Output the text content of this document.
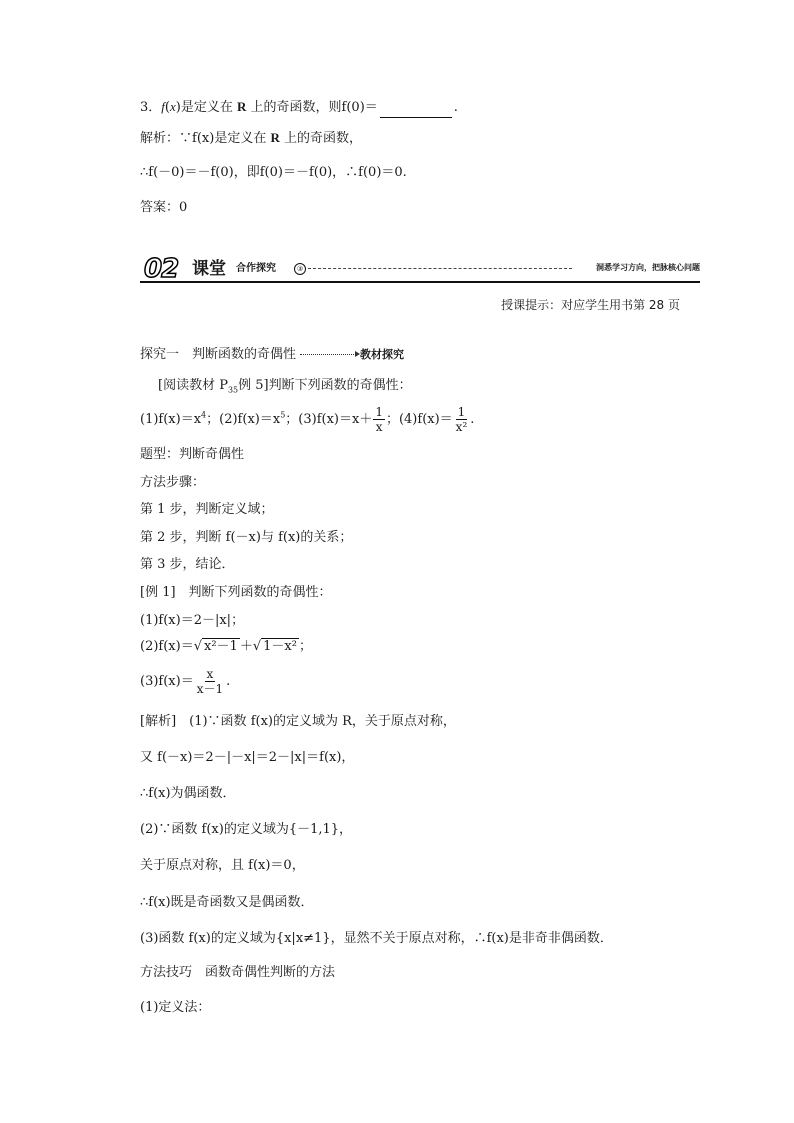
3．f(x)是定义在 R 上的奇函数，则f(0)＝	.
解析：∵f(x)是定义在 R 上的奇函数，
∴f(－0)＝－f(0)，即f(0)＝－f(0)，∴f(0)＝0.
答案：0
02 课堂 合作探究	③	洞悉学习方向，把脉核心问题
授课提示：对应学生用书第 28 页
探究一　判断函数的奇偶性	教材探究
[阅读教材 $P_{35}$例 5]判断下列函数的奇偶性：
$(1)f(x)=x^4$；$(2)f(x)=x^5$；$(3)f(x)=x+ \frac{1}{x}$ ；$(4)f(x)= \frac{1}{\text{x²}}$ .
题型：判断奇偶性
方法步骤：
第 1 步，判断定义域；
第 2 步，判断 f(－x)与 f(x)的关系；
第 3 步，结论．
[例 1]　判断下列函数的奇偶性：
(1)f(x)＝2－|x|；
(2)f(x)＝√ x²－1 ＋√ 1－x² ；
$(3)f(x)= \frac{x}{x-1}$ .
[解析]　(1)∵函数 f(x)的定义域为 R，关于原点对称，
又 f(－x)＝2－|－x|＝2－|x|＝f(x)，
∴f(x)为偶函数．
(2)∵函数 f(x)的定义域为{－1,1}，
关于原点对称，且 f(x)＝0，
∴f(x)既是奇函数又是偶函数．
(3)函数 f(x)的定义域为{x|x≠1}，显然不关于原点对称，∴f(x)是非奇非偶函数．
方法技巧　函数奇偶性判断的方法
(1)定义法：
